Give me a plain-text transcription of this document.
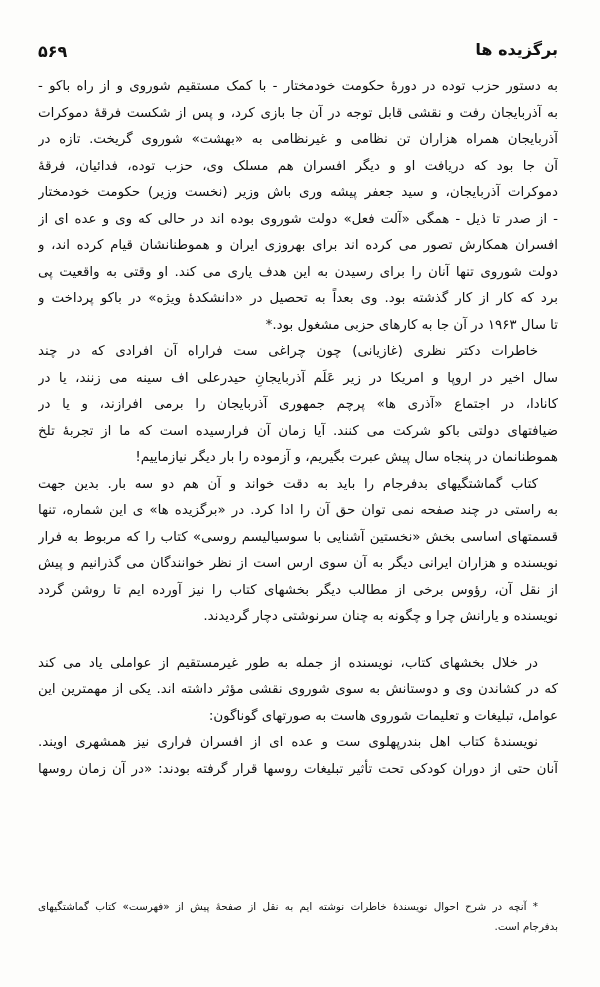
برگزیده ها
۵۶۹
به دستور حزب توده در دورهٔ حکومت خودمختار - با کمک مستقیم شوروی و از راه باکو -
به آذربایجان رفت و نقشی قابل توجه در آن جا بازی کرد، و پس از شکست فرقهٔ دموکرات
آذربایجان همراه هزاران تن نظامی و غیرنظامی به «بهشت» شوروی گریخت. تازه در
آن جا بود که دریافت او و دیگر افسران هم مسلک وی، حزب توده، فدائیان، فرقهٔ
دموکرات آذربایجان، و سید جعفر پیشه وری باش وزیر (نخست وزیر) حکومت خودمختار
- از صدر تا ذیل - همگی «آلت فعل» دولت شوروی بوده اند در حالی که وی و عده ای از
افسران همکارش تصور می کرده اند برای بهروزی ایران و هموطنانشان قیام کرده اند، و
دولت شوروی تنها آنان را برای رسیدن به این هدف یاری می کند. او وقتی به واقعیت پی
برد که کار از کار گذشته بود. وی بعداً به تحصیل در «دانشکدهٔ ویژه» در باکو پرداخت و
تا سال ۱۹۶۳ در آن جا به کارهای حزبی مشغول بود.*
خاطرات دکتر نظری (غازیانی) چون چراغی ست فراراه آن افرادی که در چند
سال اخیر در اروپا و امریکا در زیر عَلَم آذربایجانِ حیدرعلی اف سینه می زنند، یا در
کانادا، در اجتماع «آذری ها» پرچم جمهوری آذربایجان را برمی افرازند، و یا در
ضیافتهای دولتی باکو شرکت می کنند. آیا زمان آن فرارسیده است که ما از تجربهٔ تلخ
هموطنانمان در پنجاه سال پیش عبرت بگیریم، و آزموده را بار دیگر نیازماییم!
کتاب گماشتگیهای بدفرجام را باید به دقت خواند و آن هم دو سه بار. بدین جهت
به راستی در چند صفحه نمی توان حق آن را ادا کرد. در «برگزیده ها» ی این شماره، تنها
قسمتهای اساسی بخش «نخستین آشنایی با سوسیالیسم روسی» کتاب را که مربوط به فرار
نویسنده و هزاران ایرانی دیگر به آن سوی ارس است از نظر خوانندگان می گذرانیم و پیش
از نقل آن، رؤوس برخی از مطالب دیگر بخشهای کتاب را نیز آورده ایم تا روشن گردد
نویسنده و یارانش چرا و چگونه به چنان سرنوشتی دچار گردیدند.
در خلال بخشهای کتاب، نویسنده از جمله به طور غیرمستقیم از عواملی یاد می کند
که در کشاندن وی و دوستانش به سوی شوروی نقشی مؤثر داشته اند. یکی از مهمترین این
عوامل، تبلیغات و تعلیمات شوروی هاست به صورتهای گوناگون:
نویسندهٔ کتاب اهل بندرپهلوی ست و عده ای از افسران فراری نیز همشهری اویند.
آنان حتی از دوران کودکی تحت تأثیر تبلیغات روسها قرار گرفته بودند: «در آن زمان روسها
* آنچه در شرح احوال نویسندهٔ خاطرات نوشته ایم به نقل از صفحهٔ پیش از «فهرست» کتاب گماشتگیهای
بدفرجام است.
